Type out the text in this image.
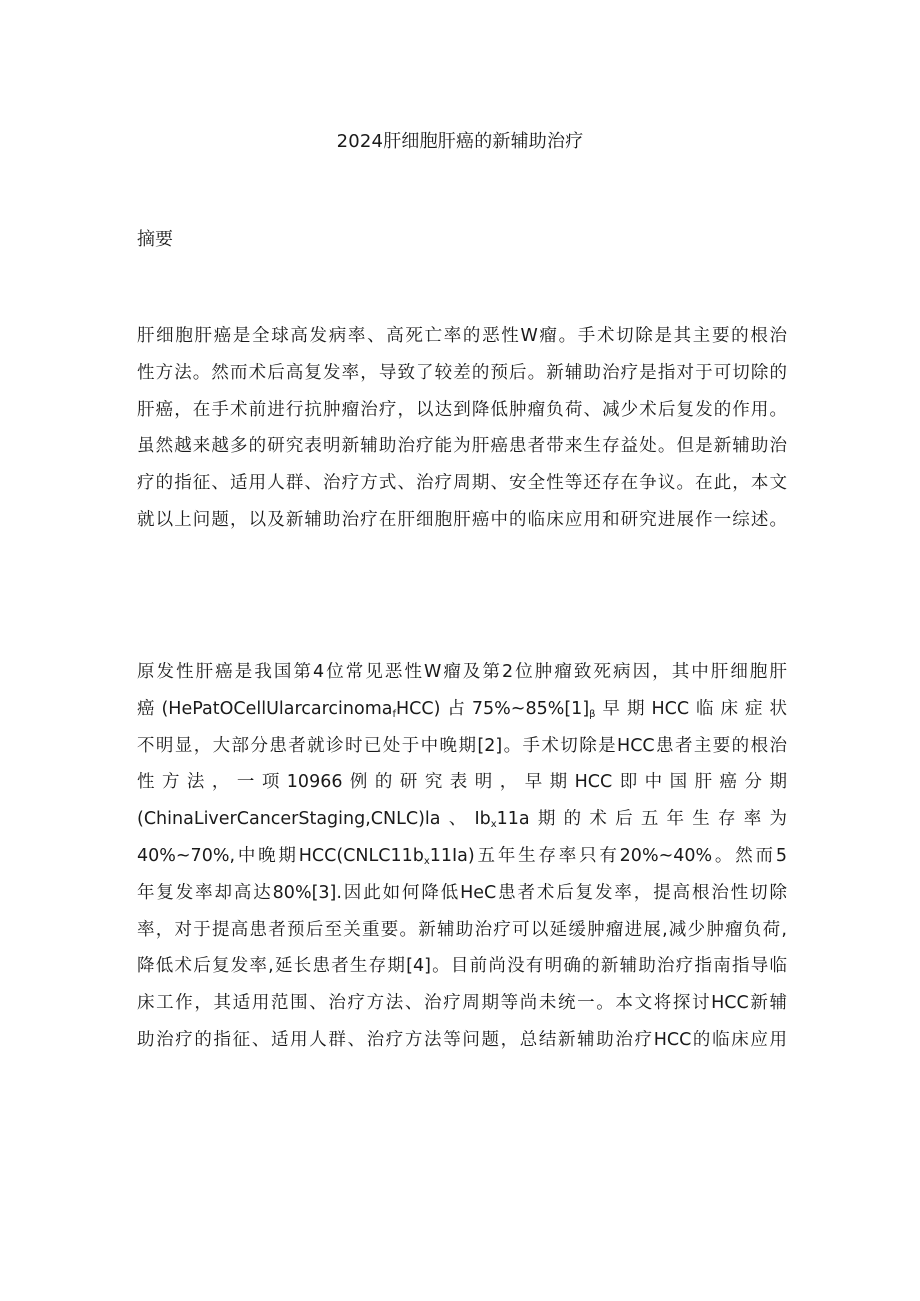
2024肝细胞肝癌的新辅助治疗
摘要
肝细胞肝癌是全球高发病率、高死亡率的恶性W瘤。手术切除是其主要的根治
性方法。然而术后高复发率，导致了较差的预后。新辅助治疗是指对于可切除的
肝癌，在手术前进行抗肿瘤治疗，以达到降低肿瘤负荷、减少术后复发的作用。
虽然越来越多的研究表明新辅助治疗能为肝癌患者带来生存益处。但是新辅助治
疗的指征、适用人群、治疗方式、治疗周期、安全性等还存在争议。在此，本文
就以上问题，以及新辅助治疗在肝细胞肝癌中的临床应用和研究进展作一综述。
原发性肝癌是我国第4位常见恶性W瘤及第2位肿瘤致死病因，其中肝细胞肝
癌(HePatOCellUlarcarcinoma$_f$HCC)占$75\%\sim 85\%[1]_\beta$早期HCC临床症状
不明显，大部分患者就诊时已处于中晚期[2]。手术切除是HCC患者主要的根治
性方法，一项10966例的研究表明，早期HCC即中国肝癌分期
(ChinaLiverCancerStaging,CNLC)la、$Ib_x11a$期的术后五年生存率为
40%~70%,中晚期$HCC(CNLC11b_x11Ia)$五年生存率只有20%~40%。然而5
年复发率却高达80%[3].因此如何降低HeC患者术后复发率，提高根治性切除
率，对于提高患者预后至关重要。新辅助治疗可以延缓肿瘤进展,减少肿瘤负荷,
降低术后复发率,延长患者生存期[4]。目前尚没有明确的新辅助治疗指南指导临
床工作，其适用范围、治疗方法、治疗周期等尚未统一。本文将探讨HCC新辅
助治疗的指征、适用人群、治疗方法等问题，总结新辅助治疗HCC的临床应用
